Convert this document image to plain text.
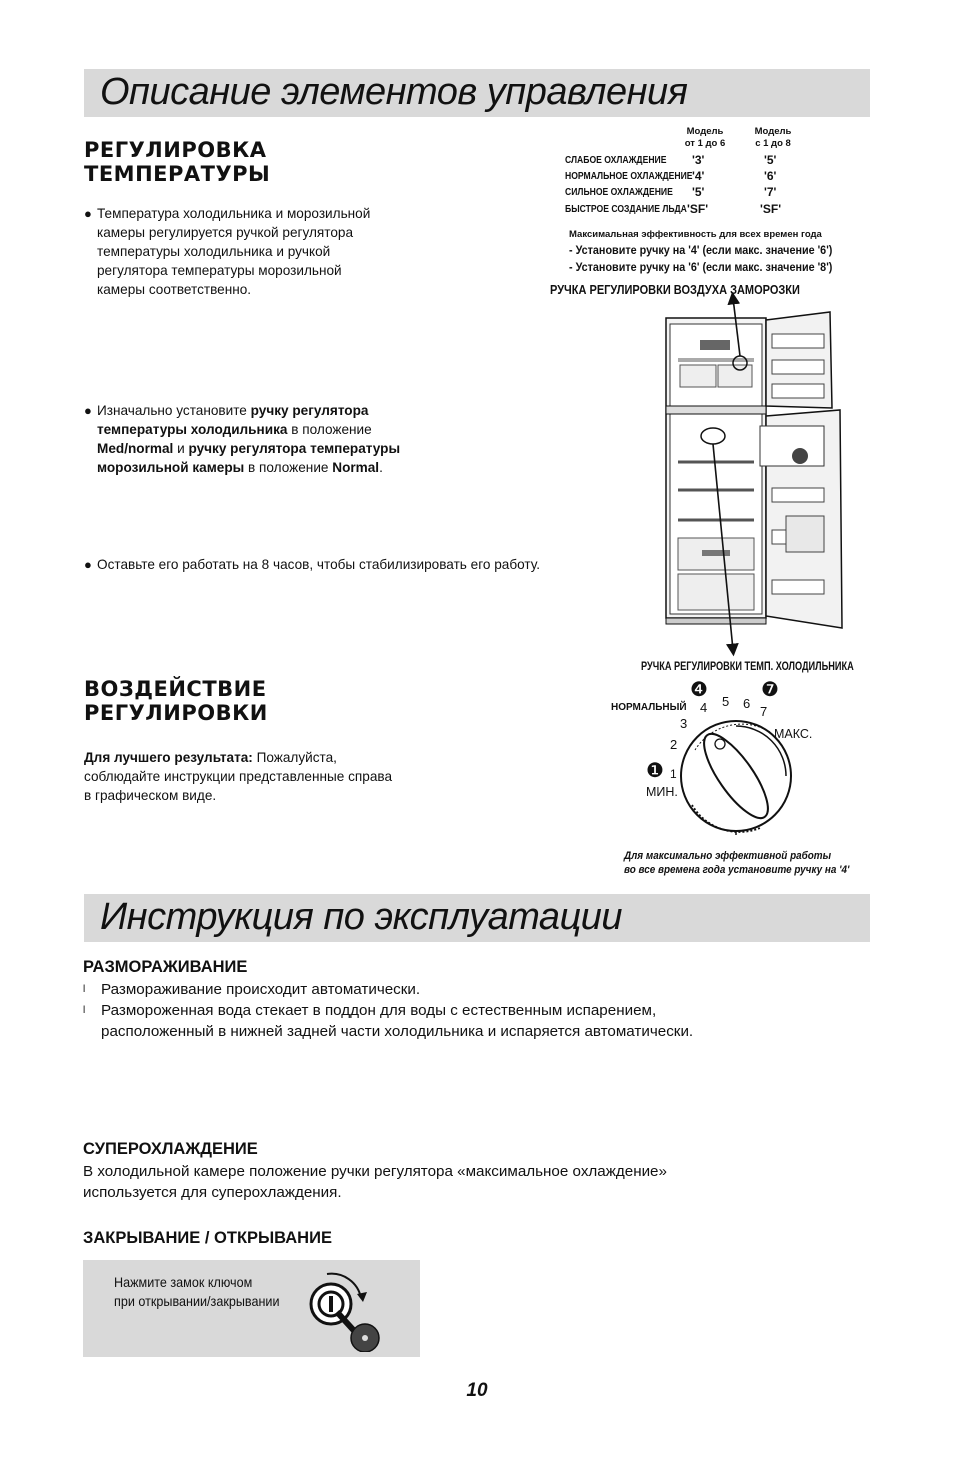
Описание элементов управления
РЕГУЛИРОВКА
ТЕМПЕРАТУРЫ
● Температура холодильника и морозильной
камеры регулируется ручкой регулятора
температуры холодильника и ручкой
регулятора температуры морозильной
камеры соответственно.
● Изначально установите ручку регулятора
температуры холодильника в положение
Med/normal и ручку регулятора температуры
морозильной камеры в положение Normal.
● Оставьте его работать на 8 часов, чтобы стабилизировать его работу.
Модель
от 1 до 6
Модель
с 1 до 8
СЛАБОЕ ОХЛАЖДЕНИЕ '3'	'5'
НОРМАЛЬНОЕ ОХЛАЖДЕНИЕ '4'	'6'
СИЛЬНОЕ ОХЛАЖДЕНИЕ '5'	'7'
БЫСТРОЕ СОЗДАНИЕ ЛЬДА 'SF'	'SF'
Максимальная эффективность для всех времен года
- Установите ручку на '4' (если макс. значение '6')
- Установите ручку на '6' (если макс. значение '8')
РУЧКА РЕГУЛИРОВКИ ВОЗДУХА ЗАМОРОЗКИ
РУЧКА РЕГУЛИРОВКИ ТЕМП. ХОЛОДИЛЬНИКА
ВОЗДЕЙСТВИЕ
РЕГУЛИРОВКИ
Для лучшего результата: Пожалуйста,
соблюдайте инструкции представленные справа
в графическом виде.
НОРМАЛЬНЫЙ
1
2
3
4 5 6
7
МАКС.
МИН.
❶
❹	❼
Для максимально эффективной работы
во все времена года установите ручку на '4'
Инструкция по эксплуатации
РАЗМОРАЖИВАНИЕ
l	Размораживание происходит автоматически.
l	Размороженная вода стекает в поддон для воды с естественным испарением,
расположенный в нижней задней части холодильника и испаряется автоматически.
СУПЕРОХЛАЖДЕНИЕ
В холодильной камере положение ручки регулятора «максимальное охлаждение»
используется для суперохлаждения.
ЗАКРЫВАНИЕ / ОТКРЫВАНИЕ
Нажмите замок ключом
при открывании/закрывании
10
